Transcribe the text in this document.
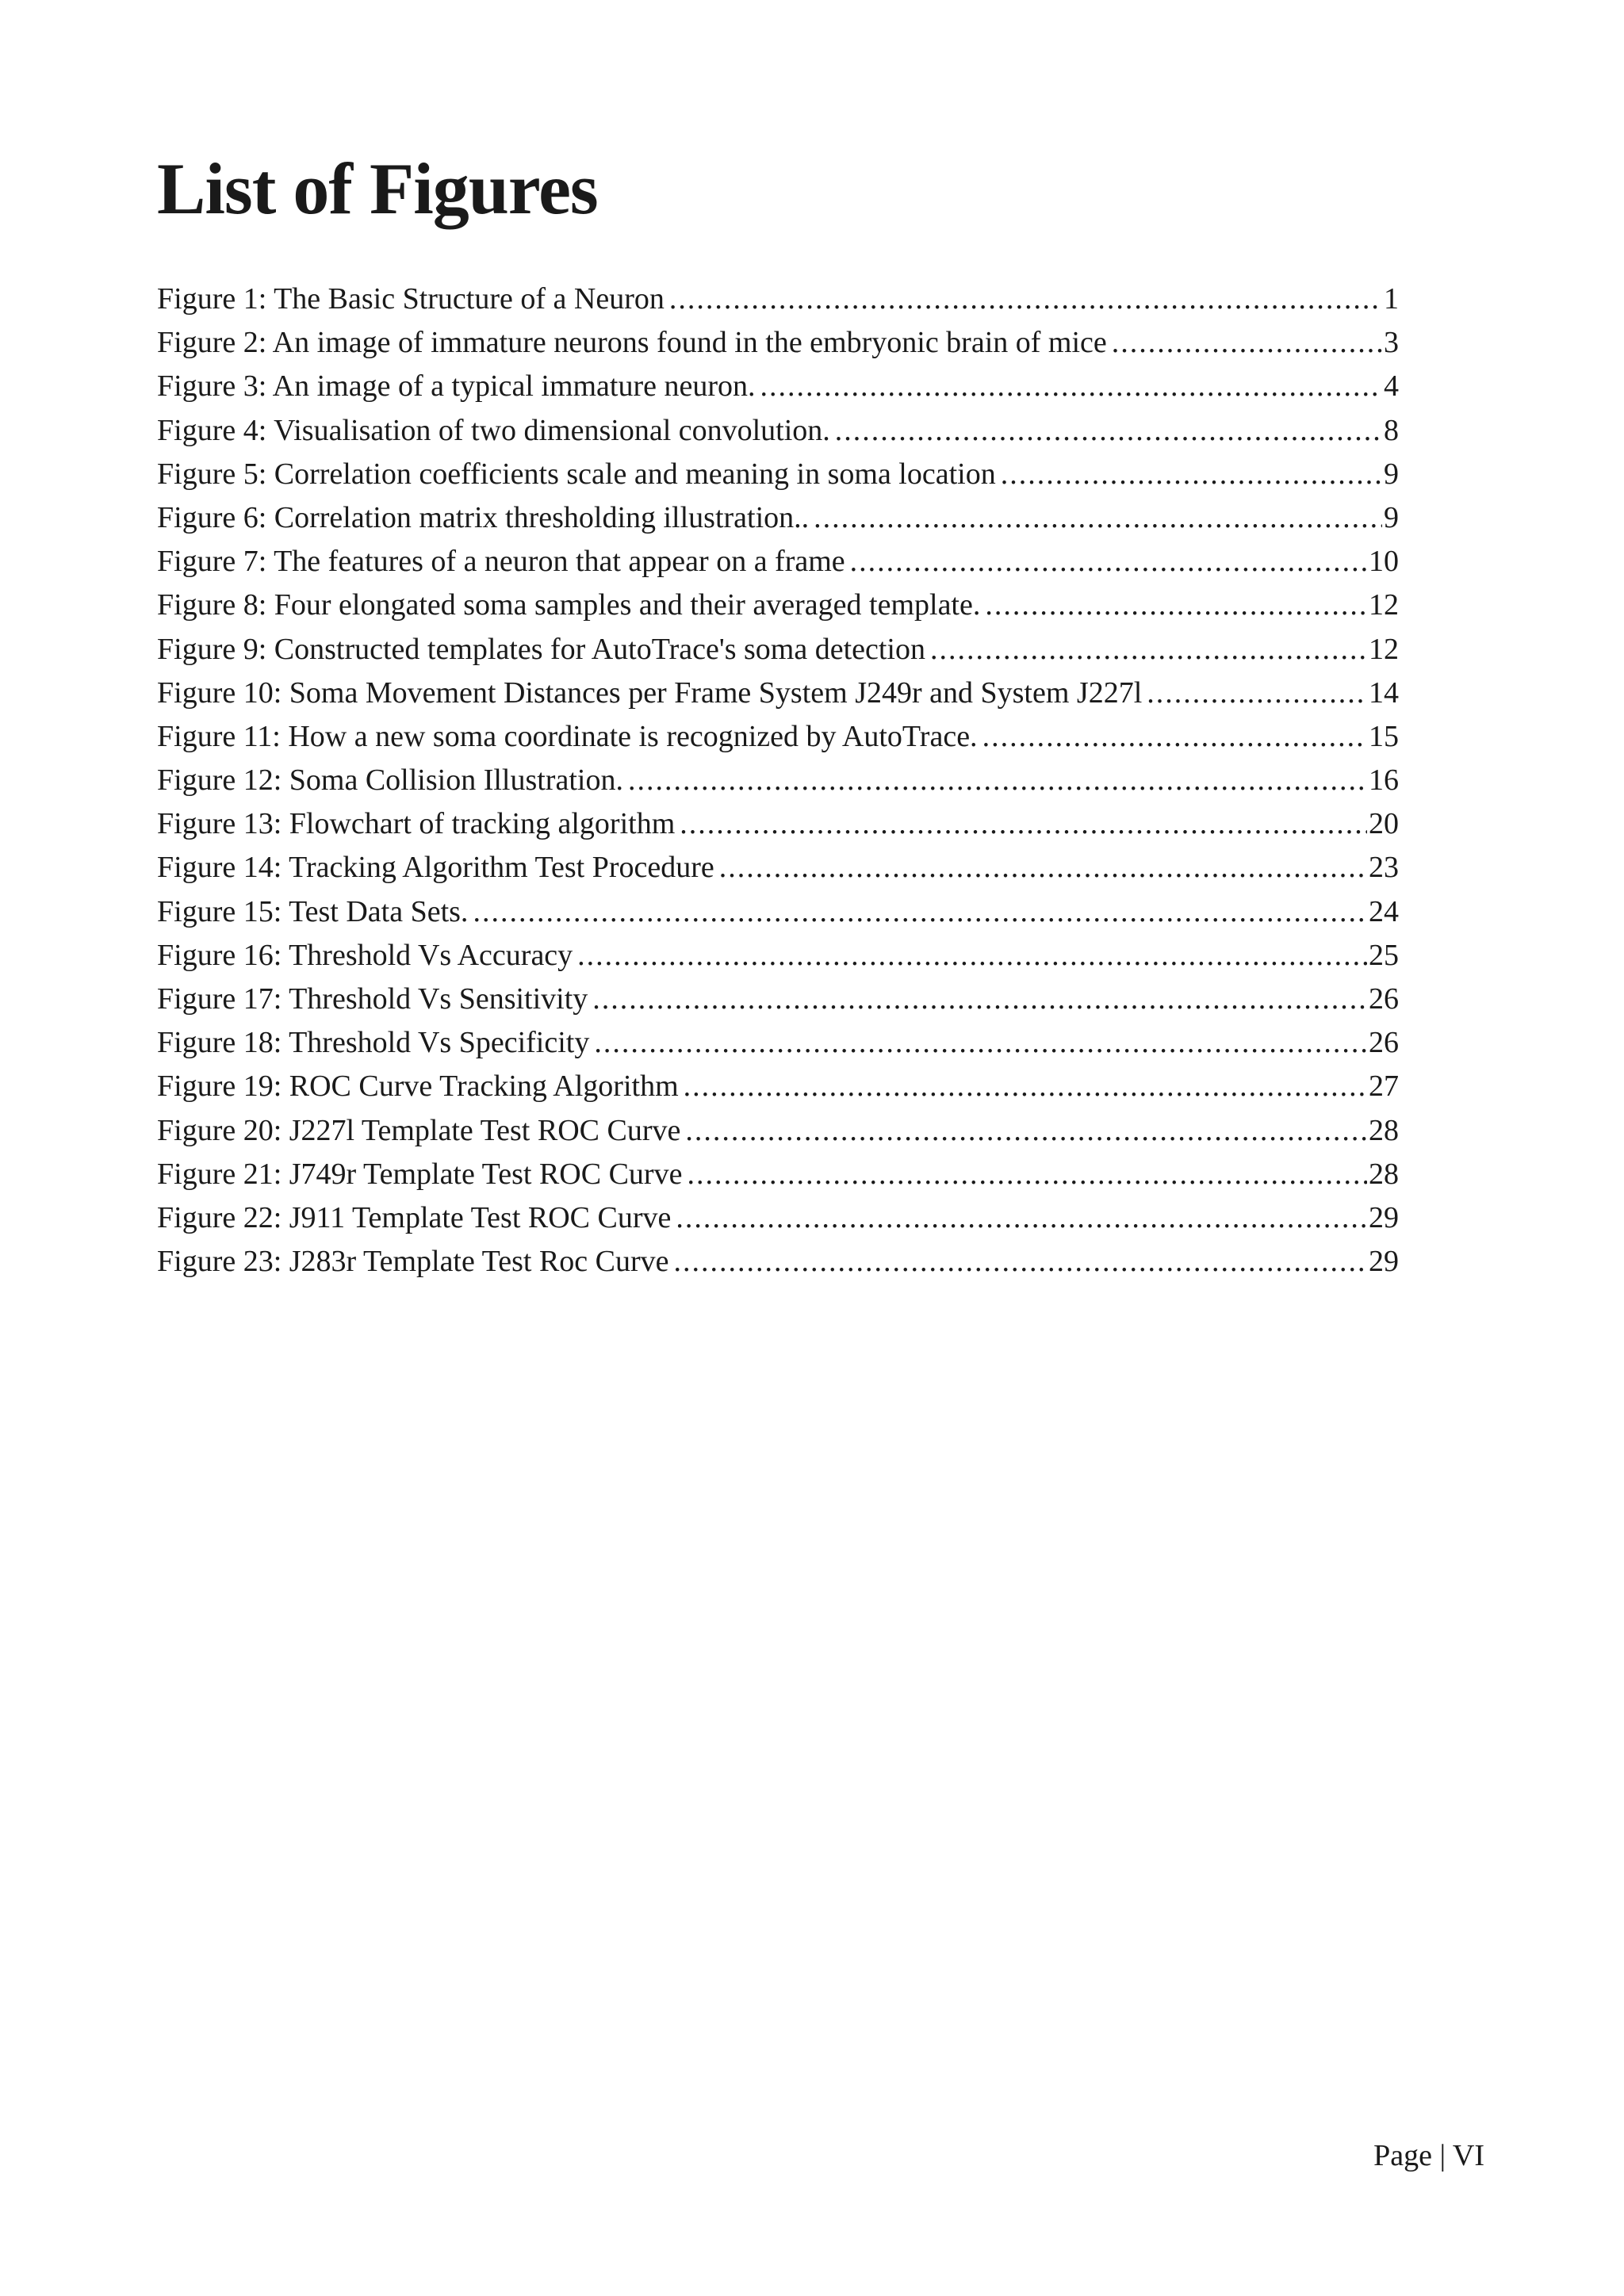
List of Figures
Figure 1: The Basic Structure of a Neuron .....	1
Figure 2: An image of immature neurons found in the embryonic brain of mice .....	3
Figure 3: An image of a typical immature neuron. .....	4
Figure 4: Visualisation of two dimensional convolution. .....	8
Figure 5: Correlation coefficients scale and meaning in soma location .....	9
Figure 6: Correlation matrix thresholding illustration.. .....	9
Figure 7: The features of a neuron that appear on a frame .....	10
Figure 8: Four elongated soma samples and their averaged template. .....	12
Figure 9: Constructed templates for AutoTrace's soma detection .....	12
Figure 10: Soma Movement Distances per Frame System J249r and System J227l .....	14
Figure 11: How a new soma coordinate is recognized by AutoTrace. .....	15
Figure 12: Soma Collision Illustration. .....	16
Figure 13: Flowchart of tracking algorithm .....	20
Figure 14: Tracking Algorithm Test Procedure .....	23
Figure 15: Test Data Sets. .....	24
Figure 16: Threshold Vs Accuracy .....	25
Figure 17: Threshold Vs Sensitivity .....	26
Figure 18: Threshold Vs Specificity .....	26
Figure 19: ROC Curve Tracking Algorithm .....	27
Figure 20: J227l Template Test ROC Curve .....	28
Figure 21: J749r Template Test ROC Curve .....	28
Figure 22: J911 Template Test ROC Curve .....	29
Figure 23: J283r Template Test Roc Curve .....	29
Page | VI
